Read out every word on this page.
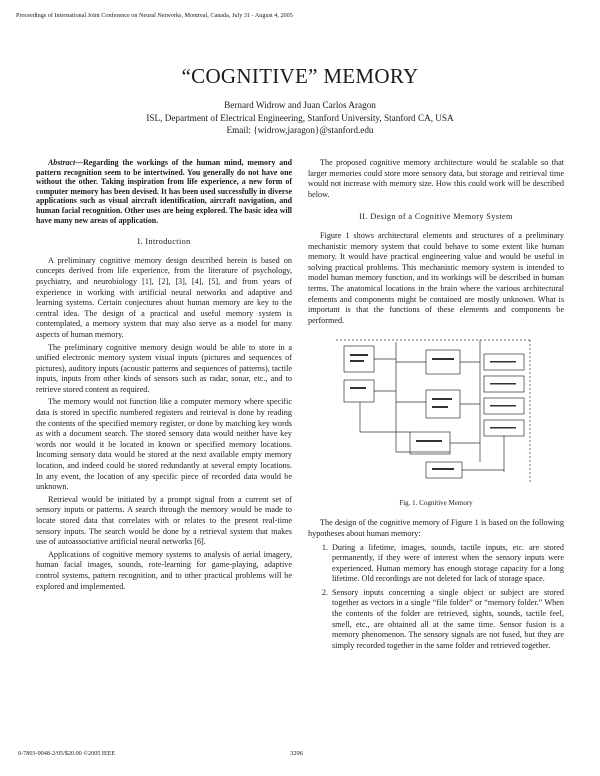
Proceedings of International Joint Conference on Neural Networks, Montreal, Canada, July 31 - August 4, 2005
“COGNITIVE” MEMORY
Bernard Widrow and Juan Carlos Aragon
ISL, Department of Electrical Engineering, Stanford University, Stanford CA, USA
Email: {widrow,jaragon}@stanford.edu

Abstract—Regarding the workings of the human mind, memory and pattern recognition seem to be intertwined. You generally do not have one without the other. Taking inspiration from life experience, a new form of computer memory has been devised. It has been used successfully in diverse applications such as visual aircraft identification, aircraft navigation, and human facial recognition. Other uses are being explored. The basic idea will have many new areas of application.

I. Introduction

A preliminary cognitive memory design described herein is based on concepts derived from life experience, from the literature of psychology, psychiatry, and neurobiology [1], [2], [3], [4], [5], and from years of experience in working with artificial neural networks and adaptive and learning systems. Certain conjectures about human memory are key to the central idea. The design of a practical and useful memory system is contemplated, a memory system that may also serve as a model for many aspects of human memory.

The preliminary cognitive memory design would be able to store in a unified electronic memory system visual inputs (pictures and sequences of pictures), auditory inputs (acoustic patterns and sequences of patterns), tactile inputs, inputs from other kinds of sensors such as radar, sonar, etc., and to retrieve stored content as required.

The memory would not function like a computer memory where specific data is stored in specific numbered registers and retrieval is done by reading the contents of the specified memory register, or done by matching key words as with a document search. The stored sensory data would neither have key words nor would it be located in known or specified memory locations. Incoming sensory data would be stored at the next available empty memory location, and indeed could be stored redundantly at several empty locations. In any event, the location of any specific piece of recorded data would be unknown.

Retrieval would be initiated by a prompt signal from a current set of sensory inputs or patterns. A search through the memory would be made to locate stored data that correlates with or relates to the present real-time sensory inputs. The search would be done by a retrieval system that makes use of autoassociative artificial neural networks [6].

Applications of cognitive memory systems to analysis of aerial imagery, human facial images, sounds, rote-learning for game-playing, adaptive control systems, pattern recognition, and to other practical problems will be explored and implemented.

The proposed cognitive memory architecture would be scalable so that larger memories could store more sensory data, but storage and retrieval time would not increase with memory size. How this could work will be described below.

II. Design of a Cognitive Memory System

Figure 1 shows architectural elements and structures of a preliminary mechanistic memory system that could behave to some extent like human memory. It would have practical engineering value and would be useful in solving practical problems. This mechanistic memory system is intended to model human memory function, and its workings will be described in human terms. The anatomical locations in the brain where the various architectural elements and components might be contained are mostly unknown. What is important is that the functions of these elements and components be performed.

Fig. 1. Cognitive Memory

The design of the cognitive memory of Figure 1 is based on the following hypotheses about human memory:

1. During a lifetime, images, sounds, tactile inputs, etc. are stored permanently, if they were of interest when the sensory inputs were experienced. Human memory has enough storage capacity for a long lifetime. Old recordings are not deleted for lack of storage space.
2. Sensory inputs concerning a single object or subject are stored together as vectors in a single “file folder” or “memory folder.” When the contents of the folder are retrieved, sights, sounds, tactile feel, smell, etc., are obtained all at the same time. Sensor fusion is a memory phenomenon. The sensory signals are not fused, but they are simply recorded together in the same folder and retrieved together.
0-7803-9048-2/05/$20.00 ©2005 IEEE	3296
